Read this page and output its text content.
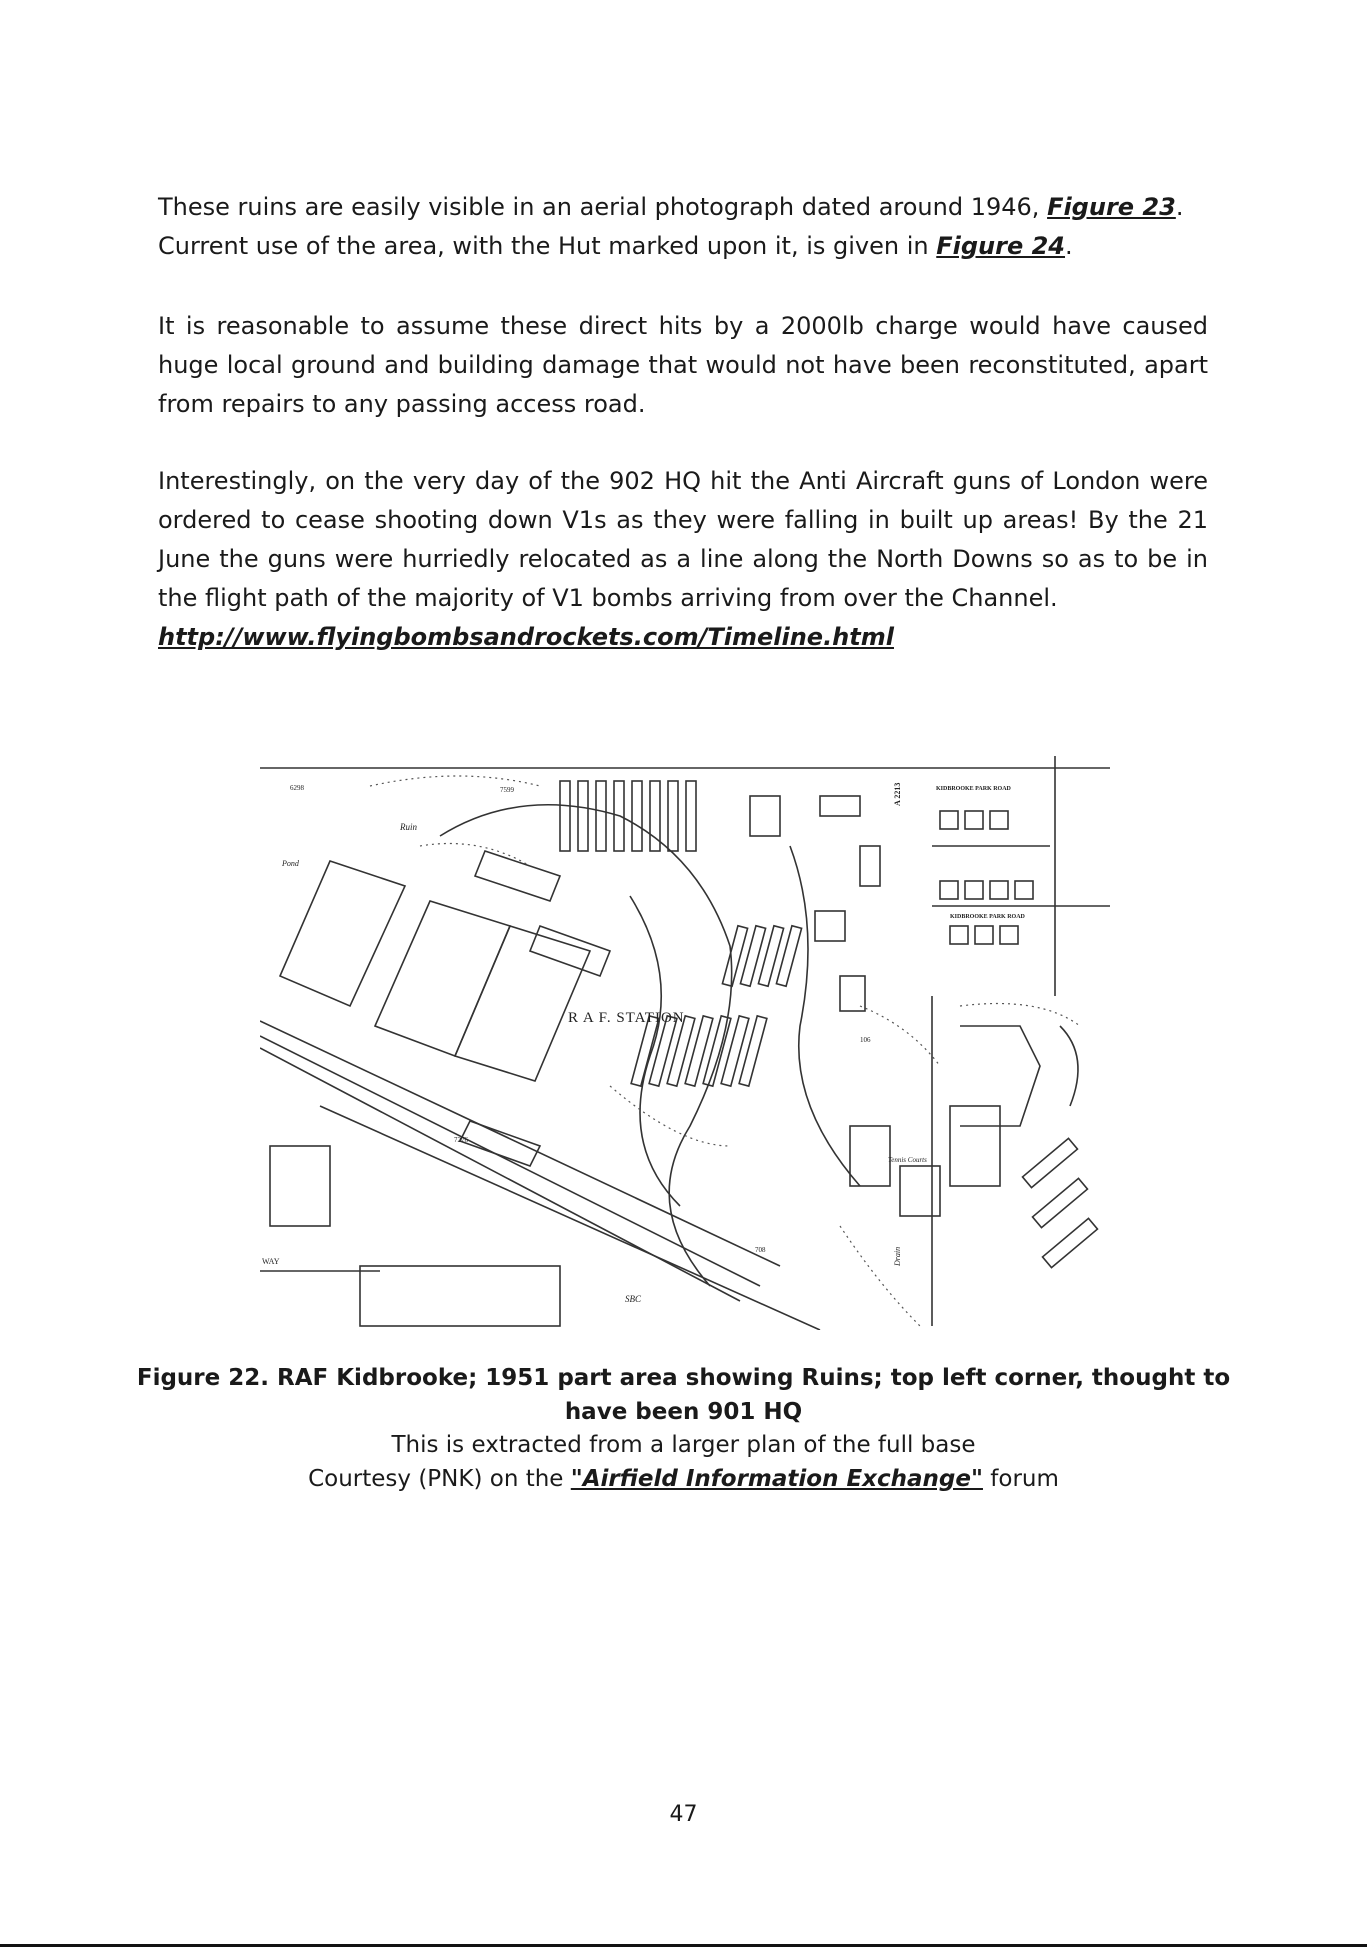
These ruins are easily visible in an aerial photograph dated around 1946, Figure 23. Current use of the area, with the Hut marked upon it, is given in Figure 24.

It is reasonable to assume these direct hits by a 2000lb charge would have caused huge local ground and building damage that would not have been reconstituted, apart from repairs to any passing access road.

Interestingly, on the very day of the 902 HQ hit the Anti Aircraft guns of London were ordered to cease shooting down V1s as they were falling in built up areas! By the 21 June the guns were hurriedly relocated as a line along the North Downs so as to be in the flight path of the majority of V1 bombs arriving from over the Channel.
http://www.flyingbombsandrockets.com/Timeline.html
R A F. STATION
Ruin
Pond
Tennis Courts
SBC
WAY	Drain
A 2213	KIDBROOKE PARK ROAD
KIDBROOKE PARK ROAD
6298	7599
7276
708
106

Figure 22. RAF Kidbrooke; 1951 part area showing Ruins; top left corner, thought to have been 901 HQ

This is extracted from a larger plan of the full base

Courtesy (PNK) on the "Airfield Information Exchange" forum

47
